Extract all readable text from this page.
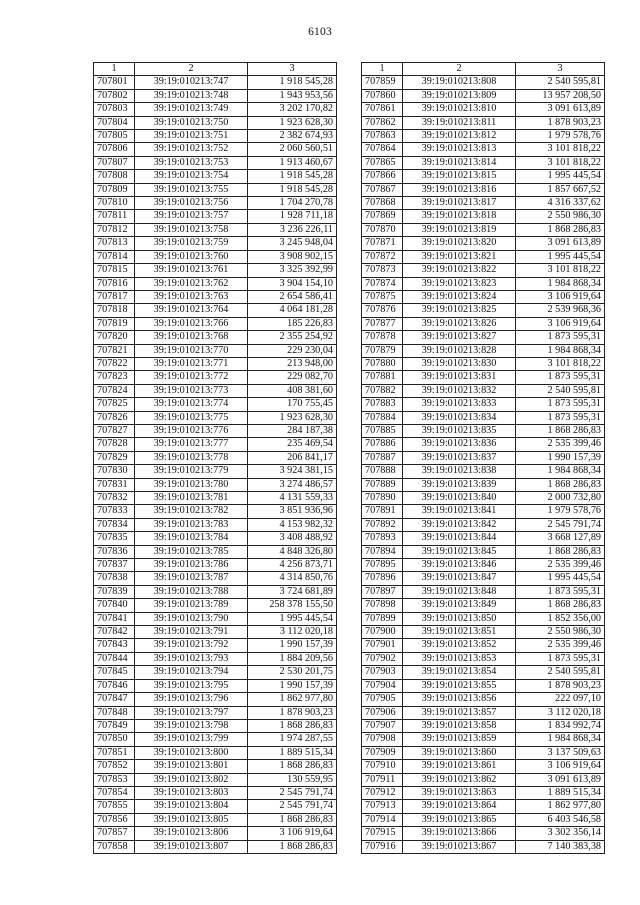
6103
1	2	3
707801	39:19:010213:747	1 918 545,28
707802	39:19:010213:748	1 943 953,56
707803	39:19:010213:749	3 202 170,82
707804	39:19:010213:750	1 923 628,30
707805	39:19:010213:751	2 382 674,93
707806	39:19:010213:752	2 060 560,51
707807	39:19:010213:753	1 913 460,67
707808	39:19:010213:754	1 918 545,28
707809	39:19:010213:755	1 918 545,28
707810	39:19:010213:756	1 704 270,78
707811	39:19:010213:757	1 928 711,18
707812	39:19:010213:758	3 236 226,11
707813	39:19:010213:759	3 245 948,04
707814	39:19:010213:760	3 908 902,15
707815	39:19:010213:761	3 325 392,99
707816	39:19:010213:762	3 904 154,10
707817	39:19:010213:763	2 654 586,41
707818	39:19:010213:764	4 064 181,28
707819	39:19:010213:766	185 226,83
707820	39:19:010213:768	2 355 254,92
707821	39:19:010213:770	229 230,04
707822	39:19:010213:771	213 948,00
707823	39:19:010213:772	229 082,70
707824	39:19:010213:773	408 381,60
707825	39:19:010213:774	170 755,45
707826	39:19:010213:775	1 923 628,30
707827	39:19:010213:776	284 187,38
707828	39:19:010213:777	235 469,54
707829	39:19:010213:778	206 841,17
707830	39:19:010213:779	3 924 381,15
707831	39:19:010213:780	3 274 486,57
707832	39:19:010213:781	4 131 559,33
707833	39:19:010213:782	3 851 936,96
707834	39:19:010213:783	4 153 982,32
707835	39:19:010213:784	3 408 488,92
707836	39:19:010213:785	4 848 326,80
707837	39:19:010213:786	4 256 873,71
707838	39:19:010213:787	4 314 850,76
707839	39:19:010213:788	3 724 681,89
707840	39:19:010213:789	258 378 155,50
707841	39:19:010213:790	1 995 445,54
707842	39:19:010213:791	3 112 020,18
707843	39:19:010213:792	1 990 157,39
707844	39:19:010213:793	1 884 209,56
707845	39:19:010213:794	2 530 201,75
707846	39:19:010213:795	1 990 157,39
707847	39:19:010213:796	1 862 977,80
707848	39:19:010213:797	1 878 903,23
707849	39:19:010213:798	1 868 286,83
707850	39:19:010213:799	1 974 287,55
707851	39:19:010213:800	1 889 515,34
707852	39:19:010213:801	1 868 286,83
707853	39:19:010213:802	130 559,95
707854	39:19:010213:803	2 545 791,74
707855	39:19:010213:804	2 545 791,74
707856	39:19:010213:805	1 868 286,83
707857	39:19:010213:806	3 106 919,64
707858	39:19:010213:807	1 868 286,83
1	2	3
707859	39:19:010213:808	2 540 595,81
707860	39:19:010213:809	13 957 208,50
707861	39:19:010213:810	3 091 613,89
707862	39:19:010213:811	1 878 903,23
707863	39:19:010213:812	1 979 578,76
707864	39:19:010213:813	3 101 818,22
707865	39:19:010213:814	3 101 818,22
707866	39:19:010213:815	1 995 445,54
707867	39:19:010213:816	1 857 667,52
707868	39:19:010213:817	4 316 337,62
707869	39:19:010213:818	2 550 986,30
707870	39:19:010213:819	1 868 286,83
707871	39:19:010213:820	3 091 613,89
707872	39:19:010213:821	1 995 445,54
707873	39:19:010213:822	3 101 818,22
707874	39:19:010213:823	1 984 868,34
707875	39:19:010213:824	3 106 919,64
707876	39:19:010213:825	2 539 968,36
707877	39:19:010213:826	3 106 919,64
707878	39:19:010213:827	1 873 595,31
707879	39:19:010213:828	1 984 868,34
707880	39:19:010213:830	3 101 818,22
707881	39:19:010213:831	1 873 595,31
707882	39:19:010213:832	2 540 595,81
707883	39:19:010213:833	1 873 595,31
707884	39:19:010213:834	1 873 595,31
707885	39:19:010213:835	1 868 286,83
707886	39:19:010213:836	2 535 399,46
707887	39:19:010213:837	1 990 157,39
707888	39:19:010213:838	1 984 868,34
707889	39:19:010213:839	1 868 286,83
707890	39:19:010213:840	2 000 732,80
707891	39:19:010213:841	1 979 578,76
707892	39:19:010213:842	2 545 791,74
707893	39:19:010213:844	3 668 127,89
707894	39:19:010213:845	1 868 286,83
707895	39:19:010213:846	2 535 399,46
707896	39:19:010213:847	1 995 445,54
707897	39:19:010213:848	1 873 595,31
707898	39:19:010213:849	1 868 286,83
707899	39:19:010213:850	1 852 356,00
707900	39:19:010213:851	2 550 986,30
707901	39:19:010213:852	2 535 399,46
707902	39:19:010213:853	1 873 595,31
707903	39:19:010213:854	2 540 595,81
707904	39:19:010213:855	1 878 903,23
707905	39:19:010213:856	222 097,10
707906	39:19:010213:857	3 112 020,18
707907	39:19:010213:858	1 834 992,74
707908	39:19:010213:859	1 984 868,34
707909	39:19:010213:860	3 137 509,63
707910	39:19:010213:861	3 106 919,64
707911	39:19:010213:862	3 091 613,89
707912	39:19:010213:863	1 889 515,34
707913	39:19:010213:864	1 862 977,80
707914	39:19:010213:865	6 403 546,58
707915	39:19:010213:866	3 302 356,14
707916	39:19:010213:867	7 140 383,38
